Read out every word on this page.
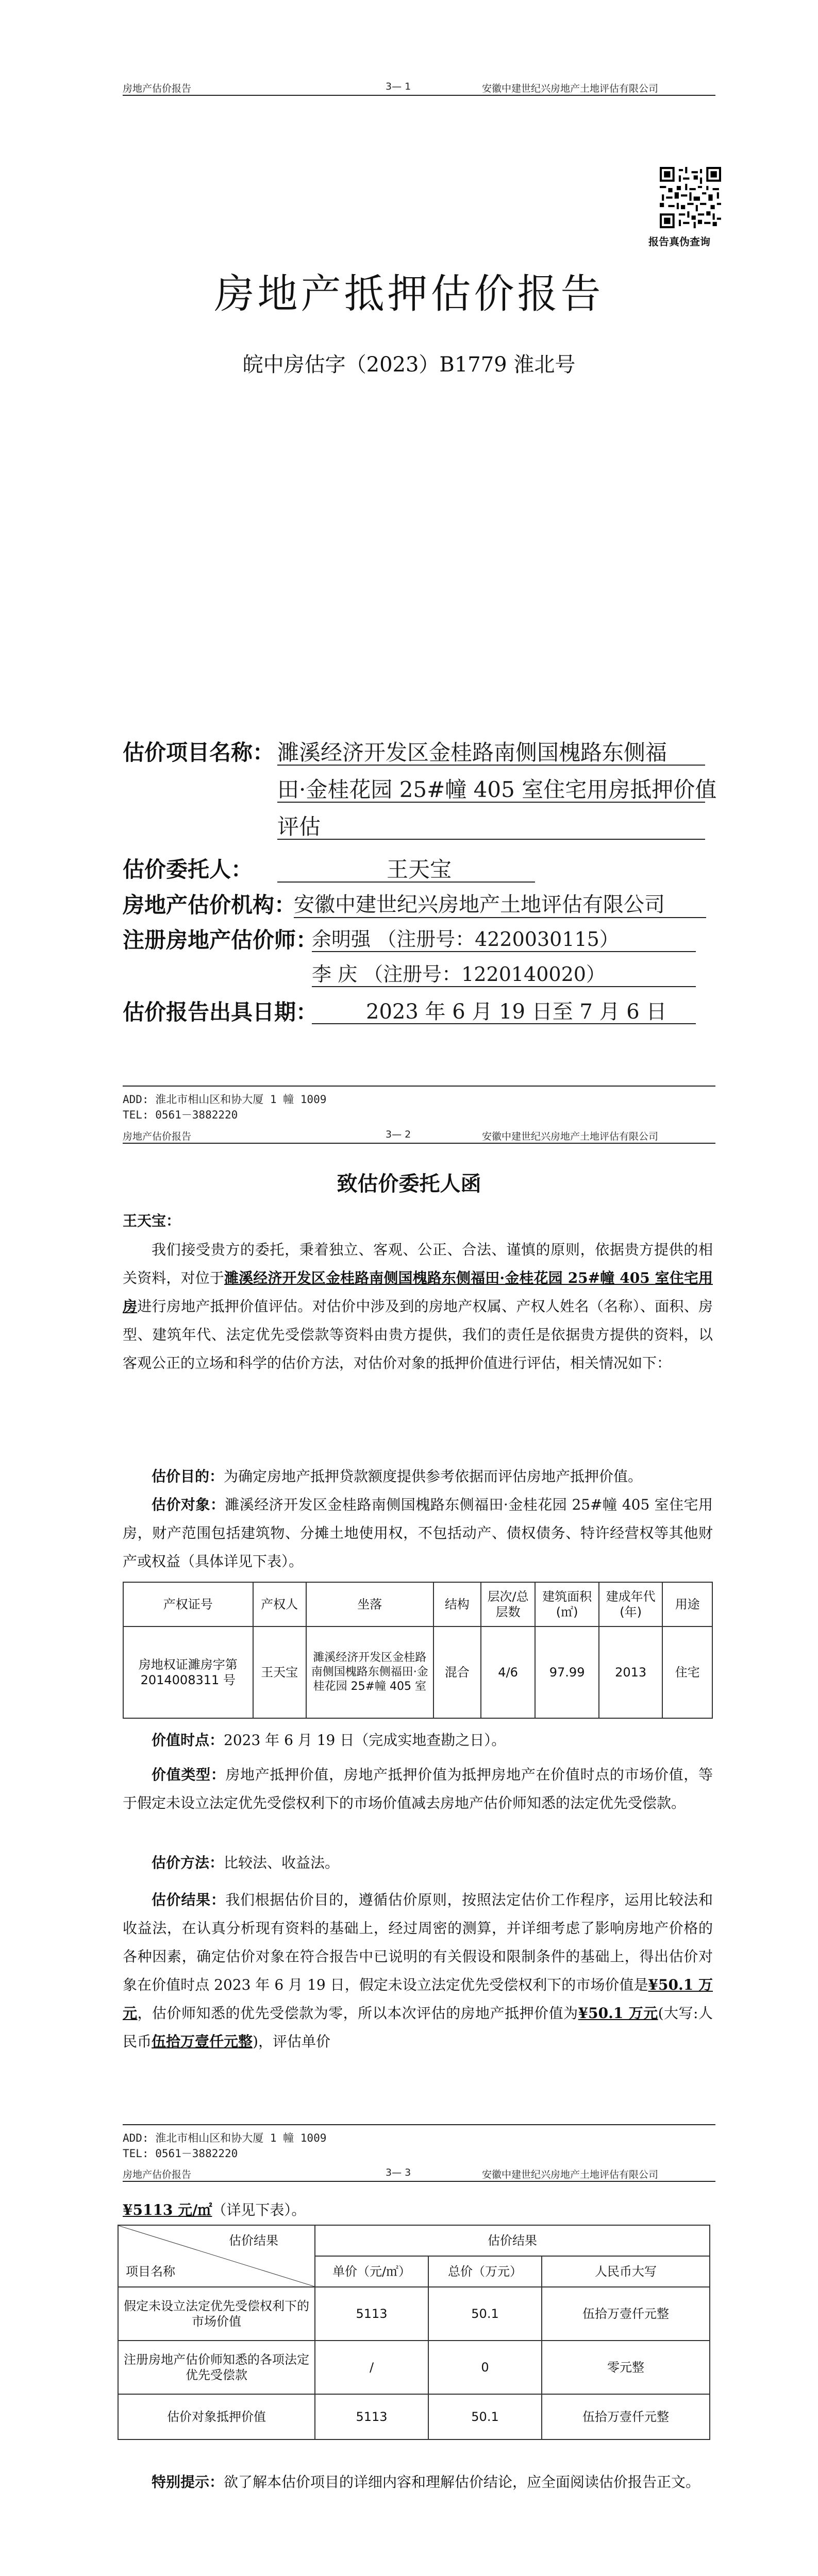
房地产估价报告	3— 1	安徽中建世纪兴房地产土地评估有限公司
报告真伪查询
房地产抵押估价报告
皖中房估字（2023）B1779 淮北号
估价项目名称： 濉溪经济开发区金桂路南侧国槐路东侧福
田·金桂花园 25#幢 405 室住宅用房抵押价值
评估
估价委托人：	王天宝
房地产估价机构：
安徽中建世纪兴房地产土地评估有限公司
注册房地产估价师：
余明强 （注册号：4220030115）
李 庆 （注册号：1220140020）
估价报告出具日期： 2023 年 6 月 19 日至 7 月 6 日
ADD: 淮北市相山区和协大厦 1 幢 1009
TEL: 0561－3882220
房地产估价报告	3— 2	安徽中建世纪兴房地产土地评估有限公司
致估价委托人函
王天宝：

我们接受贵方的委托，秉着独立、客观、公正、合法、谨慎的原则，依据贵方提供的相关资料，对位于濉溪经济开发区金桂路南侧国槐路东侧福田·金桂花园 25#幢 405 室住宅用房进行房地产抵押价值评估。对估价中涉及到的房地产权属、产权人姓名（名称）、面积、房型、建筑年代、法定优先受偿款等资料由贵方提供，我们的责任是依据贵方提供的资料，以客观公正的立场和科学的估价方法，对估价对象的抵押价值进行评估，相关情况如下：

估价目的：为确定房地产抵押贷款额度提供参考依据而评估房地产抵押价值。

估价对象：濉溪经济开发区金桂路南侧国槐路东侧福田·金桂花园 25#幢 405 室住宅用房，财产范围包括建筑物、分摊土地使用权，不包括动产、债权债务、特许经营权等其他财产或权益（具体详见下表）。

产权证号	产权人	坐落	结构	层次/总层数	建筑面积(㎡)	建成年代(年)	用途
房地权证濉房字第 2014008311 号	王天宝	濉溪经济开发区金桂路南侧国槐路东侧福田·金桂花园 25#幢 405 室	混合	4/6	97.99	2013	住宅

价值时点：2023 年 6 月 19 日（完成实地查勘之日）。

价值类型：房地产抵押价值，房地产抵押价值为抵押房地产在价值时点的市场价值，等于假定未设立法定优先受偿权利下的市场价值减去房地产估价师知悉的法定优先受偿款。

估价方法：比较法、收益法。

估价结果：我们根据估价目的，遵循估价原则，按照法定估价工作程序，运用比较法和收益法，在认真分析现有资料的基础上，经过周密的测算，并详细考虑了影响房地产价格的各种因素，确定估价对象在符合报告中已说明的有关假设和限制条件的基础上，得出估价对象在价值时点 2023 年 6 月 19 日，假定未设立法定优先受偿权利下的市场价值是¥50.1 万元，估价师知悉的优先受偿款为零，所以本次评估的房地产抵押价值为¥50.1 万元(大写:人民币伍拾万壹仟元整)，评估单价

ADD: 淮北市相山区和协大厦 1 幢 1009
TEL: 0561－3882220
房地产估价报告	3— 3	安徽中建世纪兴房地产土地评估有限公司
¥5113 元/㎡（详见下表）。
估价结果
项目名称	估价结果		
	单价（元/㎡）	总价（万元）	人民币大写
假定未设立法定优先受偿权利下的市场价值	5113	50.1	伍拾万壹仟元整
注册房地产估价师知悉的各项法定优先受偿款	/	0	零元整
估价对象抵押价值	5113	50.1	伍拾万壹仟元整

特别提示：欲了解本估价项目的详细内容和理解估价结论，应全面阅读估价报告正文。
